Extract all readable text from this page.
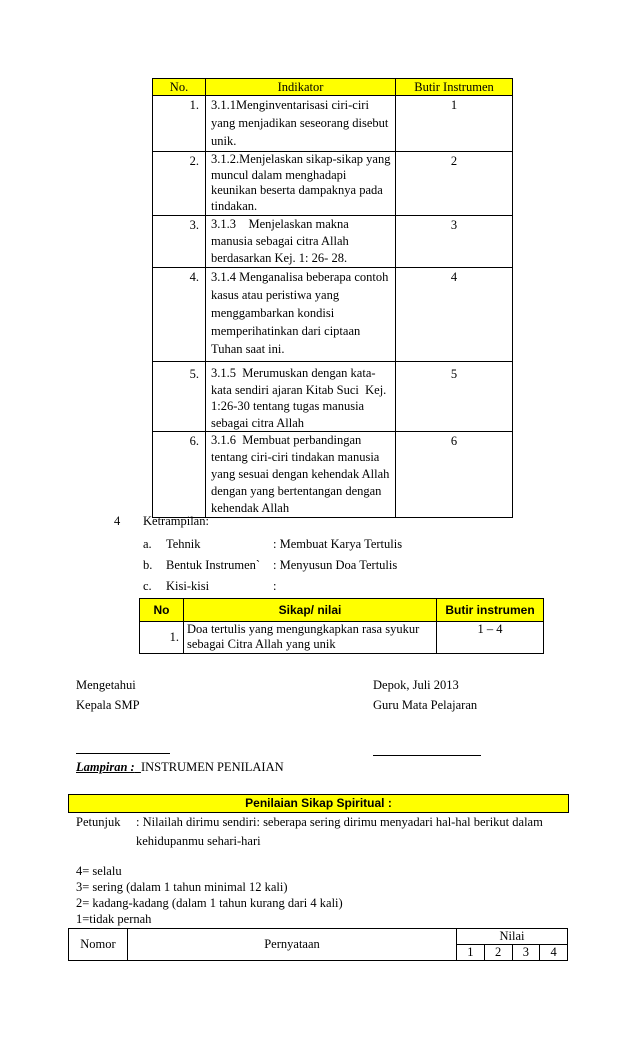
No.	Indikator	Butir Instrumen
1.	3.1.1Menginventarisasi ciri-ciri
yang menjadikan seseorang disebut
unik.	1
2.	3.1.2.Menjelaskan sikap-sikap yang
muncul dalam menghadapi
keunikan beserta dampaknya pada
tindakan.	2
3.	3.1.3    Menjelaskan makna
manusia sebagai citra Allah
berdasarkan Kej. 1: 26- 28.	3
4.	3.1.4 Menganalisa beberapa contoh
kasus atau peristiwa yang
menggambarkan kondisi
memperihatinkan dari ciptaan
Tuhan saat ini.	4
5.	3.1.5  Merumuskan dengan kata-
kata sendiri ajaran Kitab Suci  Kej.
1:26-30 tentang tugas manusia
sebagai citra Allah	5
6.	3.1.6  Membuat perbandingan
tentang ciri-ciri tindakan manusia
yang sesuai dengan kehendak Allah
dengan yang bertentangan dengan
kehendak Allah	6
4 Ketrampilan:
a. Tehnik	: Membuat Karya Tertulis
b. Bentuk Instrumen` : Menyusun Doa Tertulis
c. Kisi-kisi	:
No	Sikap/ nilai	Butir instrumen
1.	Doa tertulis yang mengungkapkan rasa syukur
sebagai Citra Allah yang unik	1 – 4
Mengetahui
Kepala SMP
Depok, Juli 2013
Guru Mata Pelajaran
Lampiran : INSTRUMEN PENILAIAN
Penilaian Sikap Spiritual :
Petunjuk : Nilailah dirimu sendiri: seberapa sering dirimu menyadari hal-hal berikut dalam
kehidupanmu sehari-hari
4= selalu
3= sering (dalam 1 tahun minimal 12 kali)
2= kadang-kadang (dalam 1 tahun kurang dari 4 kali)
1=tidak pernah
Nomor	Pernyataan	Nilai			
		1	2	3	4
